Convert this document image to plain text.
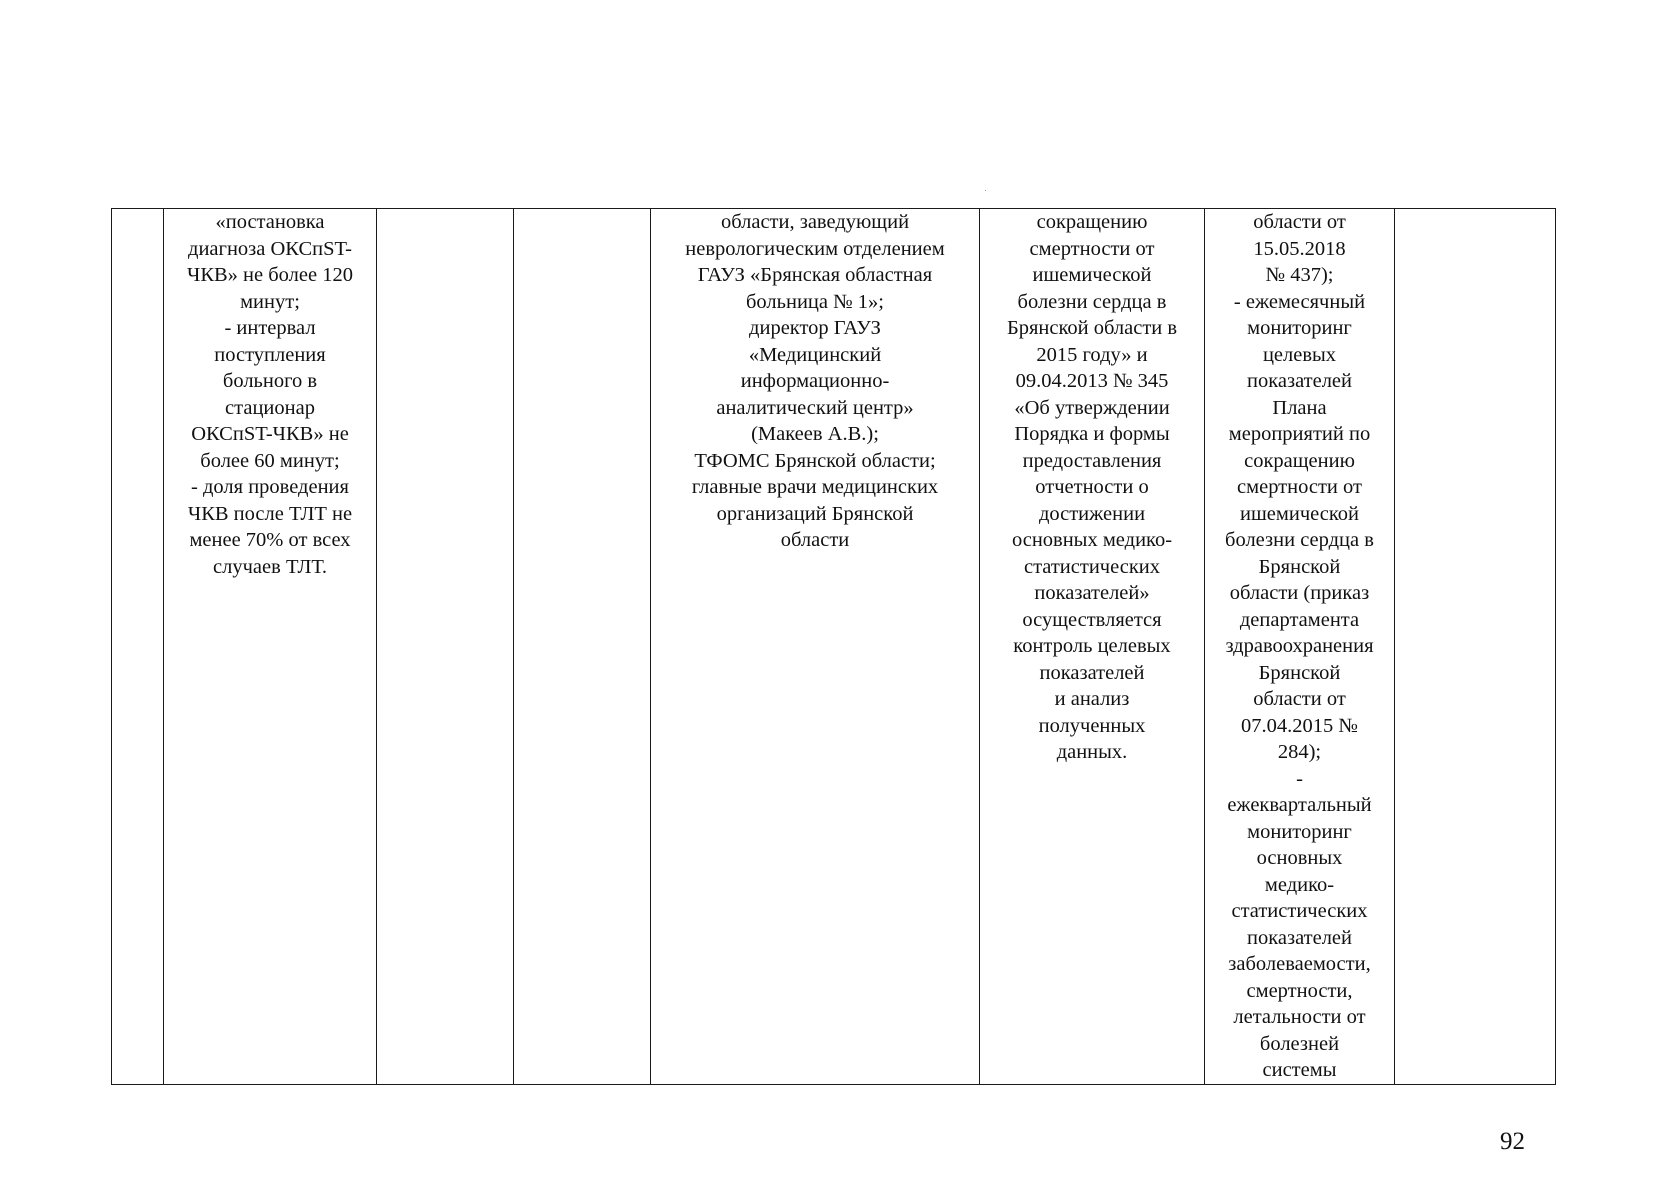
	«постановка
диагноза ОКСпST-
ЧКВ» не более 120
минут;
- интервал
поступления
больного в
стационар
ОКСпST-ЧКВ» не
более 60 минут;
- доля проведения
ЧКВ после ТЛТ не
менее 70% от всех
случаев ТЛТ.			области, заведующий
неврологическим отделением
ГАУЗ «Брянская областная
больница № 1»;
директор ГАУЗ
«Медицинский
информационно-
аналитический центр»
(Макеев А.В.);
ТФОМС Брянской области;
главные врачи медицинских
организаций Брянской
области	сокращению
смертности от
ишемической
болезни сердца в
Брянской области в
2015 году» и
09.04.2013 № 345
«Об утверждении
Порядка и формы
предоставления
отчетности о
достижении
основных медико-
статистических
показателей»
осуществляется
контроль целевых
показателей
и анализ
полученных
данных.	области от
15.05.2018
№ 437);
- ежемесячный
мониторинг
целевых
показателей
Плана
мероприятий по
сокращению
смертности от
ишемической
болезни сердца в
Брянской
области (приказ
департамента
здравоохранения
Брянской
области от
07.04.2015 №
284);
-
ежеквартальный
мониторинг
основных
медико-
статистических
показателей
заболеваемости,
смертности,
летальности от
болезней
системы	
92
